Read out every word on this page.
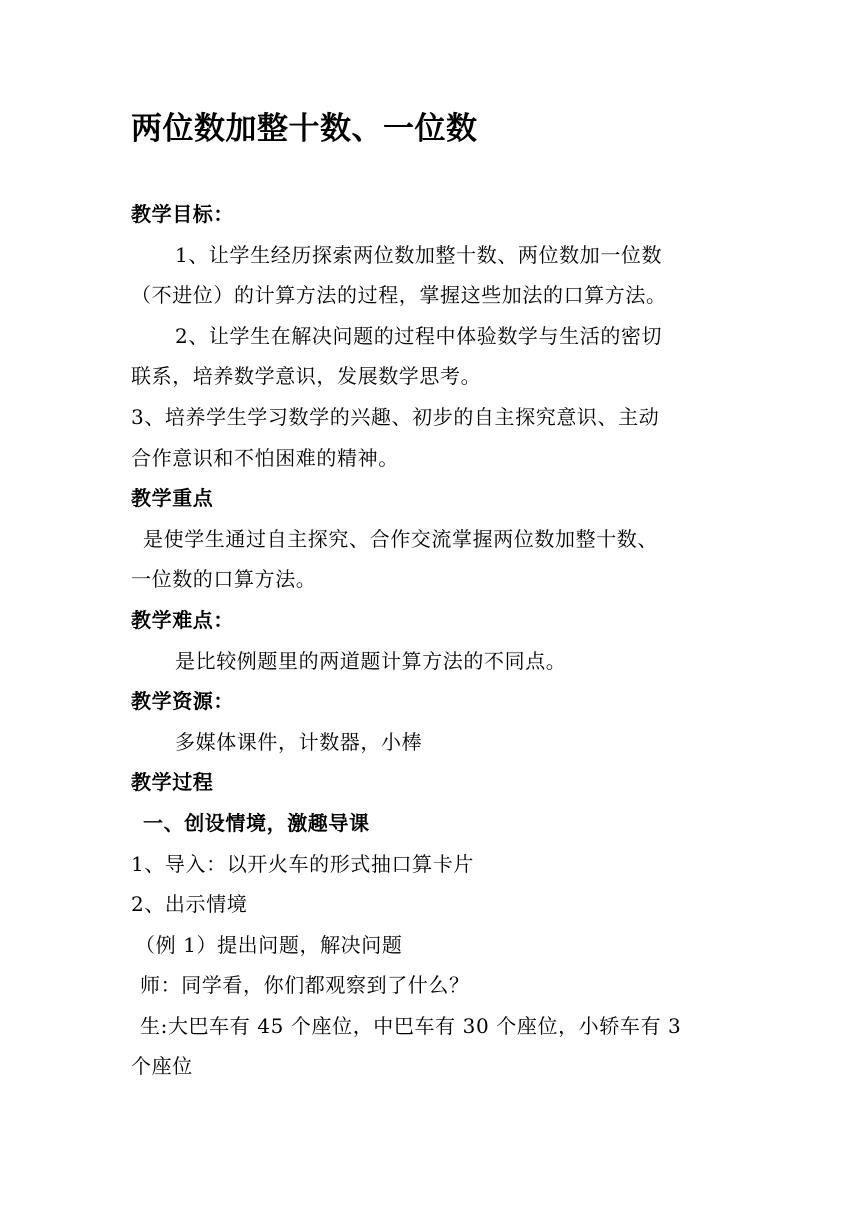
两位数加整十数、一位数
教学目标：
1、让学生经历探索两位数加整十数、两位数加一位数
（不进位）的计算方法的过程，掌握这些加法的口算方法。
2、让学生在解决问题的过程中体验数学与生活的密切
联系，培养数学意识，发展数学思考。
3、培养学生学习数学的兴趣、初步的自主探究意识、主动
合作意识和不怕困难的精神。
教学重点
是使学生通过自主探究、合作交流掌握两位数加整十数、
一位数的口算方法。
教学难点：
是比较例题里的两道题计算方法的不同点。
教学资源：
多媒体课件，计数器，小棒
教学过程
一、创设情境，激趣导课
1、导入：以开火车的形式抽口算卡片
2、出示情境
（例 1）提出问题，解决问题
师：同学看，你们都观察到了什么？
生:大巴车有 45 个座位，中巴车有 30 个座位，小轿车有 3
个座位
